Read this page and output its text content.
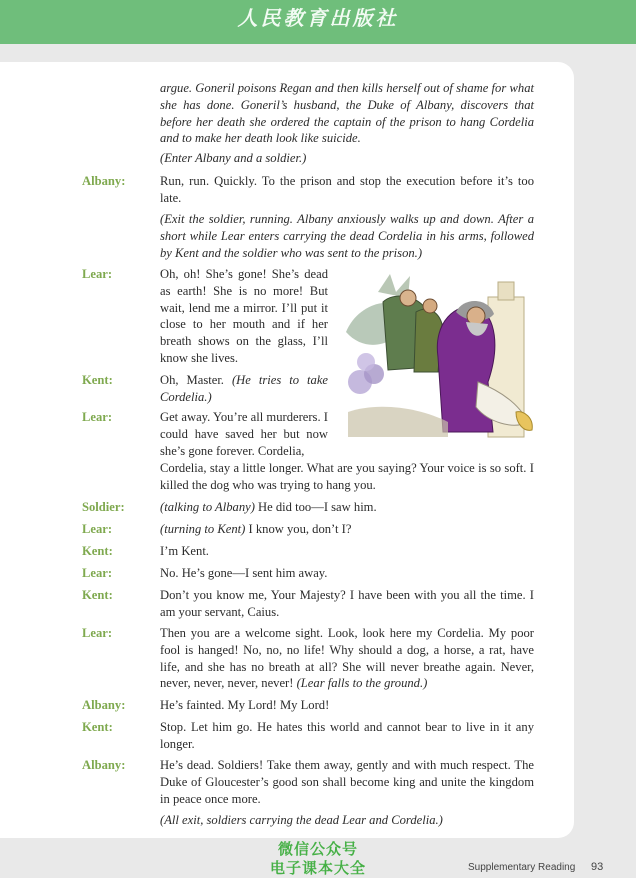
人民教育出版社
argue. Goneril poisons Regan and then kills herself out of shame for what she has done. Goneril’s husband, the Duke of Albany, discovers that before her death she ordered the captain of the prison to hang Cordelia and to make her death look like suicide.
(Enter Albany and a soldier.)
Albany:	Run, run. Quickly. To the prison and stop the execution before it’s too late.
(Exit the soldier, running. Albany anxiously walks up and down. After a short while Lear enters carrying the dead Cordelia in his arms, followed by Kent and the soldier who was sent to the prison.)
Lear:	Oh, oh! She’s gone! She’s dead as earth! She is no more! But wait, lend me a mirror. I’ll put it close to her mouth and if her breath shows on the glass, I’ll know she lives.
Kent:	Oh, Master. (He tries to take Cordelia.)
Lear:	Get away. You’re all murderers. I could have saved her but now she’s gone forever. Cordelia,
Cordelia, stay a little longer. What are you saying? Your voice is so soft. I killed the dog who was trying to hang you.
Soldier:	(talking to Albany) He did too—I saw him.
Lear:	(turning to Kent) I know you, don’t I?
Kent:	I’m Kent.
Lear:	No. He’s gone—I sent him away.
Kent:	Don’t you know me, Your Majesty? I have been with you all the time. I am your servant, Caius.
Lear:	Then you are a welcome sight. Look, look here my Cordelia. My poor fool is hanged! No, no, no life! Why should a dog, a horse, a rat, have life, and she has no breath at all? She will never breathe again. Never, never, never, never, never! (Lear falls to the ground.)
Albany:	He’s fainted. My Lord! My Lord!
Kent:	Stop. Let him go. He hates this world and cannot bear to live in it any longer.
Albany:	He’s dead. Soldiers! Take them away, gently and with much respect. The Duke of Gloucester’s good son shall become king and unite the kingdom in peace once more.
(All exit, soldiers carrying the dead Lear and Cordelia.)
微信公众号
电子课本大全	Supplementary Reading 93
